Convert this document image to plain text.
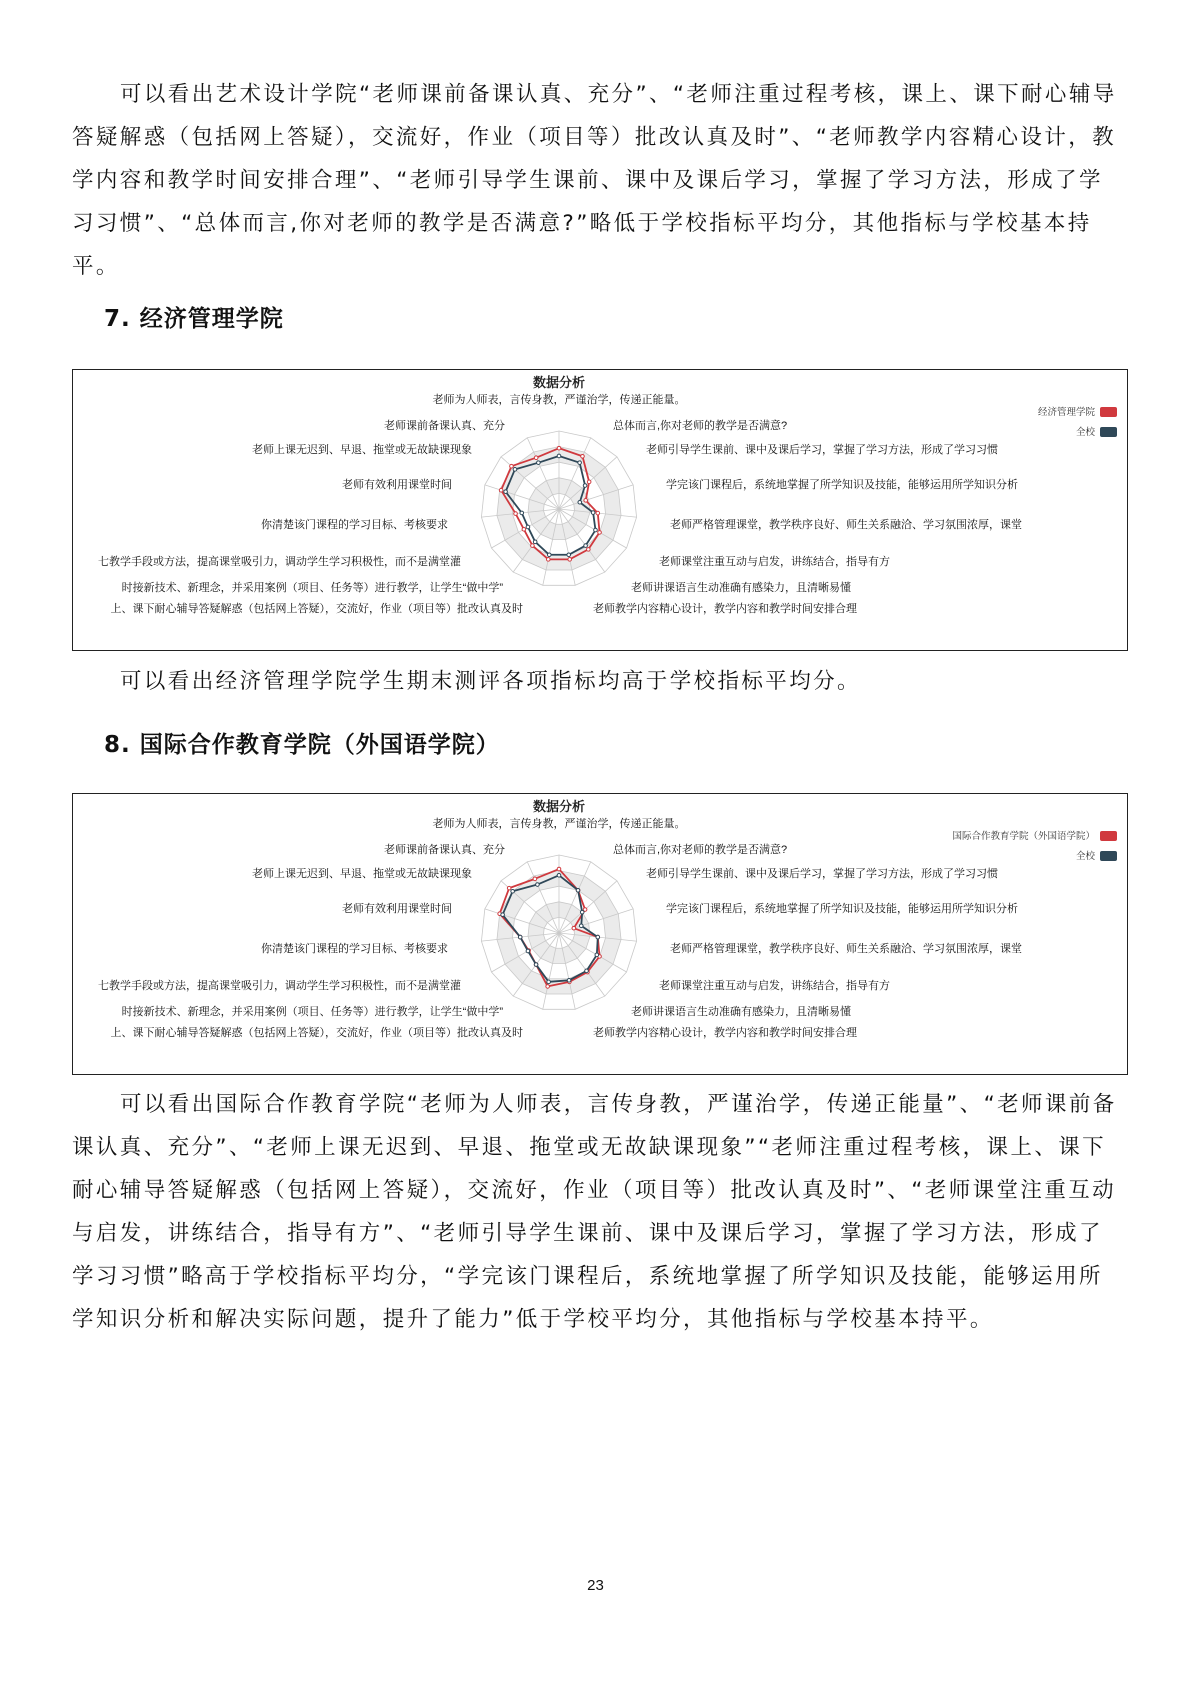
可以看出艺术设计学院“老师课前备课认真、充分”、“老师注重过程考核，课上、课下耐心辅导答疑解惑（包括网上答疑），交流好，作业（项目等）批改认真及时”、“老师教学内容精心设计，教学内容和教学时间安排合理”、“老师引导学生课前、课中及课后学习，掌握了学习方法，形成了学习习惯”、“总体而言,你对老师的教学是否满意?”略低于学校指标平均分，其他指标与学校基本持平。

7. 经济管理学院
数据分析
老师为人师表，言传身教，严谨治学，传递正能量。
总体而言,你对老师的教学是否满意?
老师引导学生课前、课中及课后学习，掌握了学习方法，形成了学习习惯
学完该门课程后，系统地掌握了所学知识及技能，能够运用所学知识分析
老师严格管理课堂，教学秩序良好、师生关系融洽、学习氛围浓厚，课堂
老师课堂注重互动与启发，讲练结合，指导有方
老师讲课语言生动准确有感染力，且清晰易懂
老师教学内容精心设计，教学内容和教学时间安排合理
上、课下耐心辅导答疑解惑（包括网上答疑），交流好，作业（项目等）批改认真及时
时接新技术、新理念，并采用案例（项目、任务等）进行教学，让学生“做中学”
七教学手段或方法，提高课堂吸引力，调动学生学习积极性，而不是满堂灌
你清楚该门课程的学习目标、考核要求
老师有效利用课堂时间
老师上课无迟到、早退、拖堂或无故缺课现象
老师课前备课认真、充分
经济管理学院
全校

可以看出经济管理学院学生期末测评各项指标均高于学校指标平均分。

8. 国际合作教育学院（外国语学院）
数据分析
老师为人师表，言传身教，严谨治学，传递正能量。
总体而言,你对老师的教学是否满意?
老师引导学生课前、课中及课后学习，掌握了学习方法，形成了学习习惯
学完该门课程后，系统地掌握了所学知识及技能，能够运用所学知识分析
老师严格管理课堂，教学秩序良好、师生关系融洽、学习氛围浓厚，课堂
老师课堂注重互动与启发，讲练结合，指导有方
老师讲课语言生动准确有感染力，且清晰易懂
老师教学内容精心设计，教学内容和教学时间安排合理
上、课下耐心辅导答疑解惑（包括网上答疑），交流好，作业（项目等）批改认真及时
时接新技术、新理念，并采用案例（项目、任务等）进行教学，让学生“做中学”
七教学手段或方法，提高课堂吸引力，调动学生学习积极性，而不是满堂灌
你清楚该门课程的学习目标、考核要求
老师有效利用课堂时间
老师上课无迟到、早退、拖堂或无故缺课现象
老师课前备课认真、充分
国际合作教育学院（外国语学院）
全校

可以看出国际合作教育学院“老师为人师表，言传身教，严谨治学，传递正能量”、“老师课前备课认真、充分”、“老师上课无迟到、早退、拖堂或无故缺课现象”“老师注重过程考核，课上、课下耐心辅导答疑解惑（包括网上答疑），交流好，作业（项目等）批改认真及时”、“老师课堂注重互动与启发，讲练结合，指导有方”、“老师引导学生课前、课中及课后学习，掌握了学习方法，形成了学习习惯”略高于学校指标平均分，“学完该门课程后，系统地掌握了所学知识及技能，能够运用所学知识分析和解决实际问题，提升了能力”低于学校平均分，其他指标与学校基本持平。

23
